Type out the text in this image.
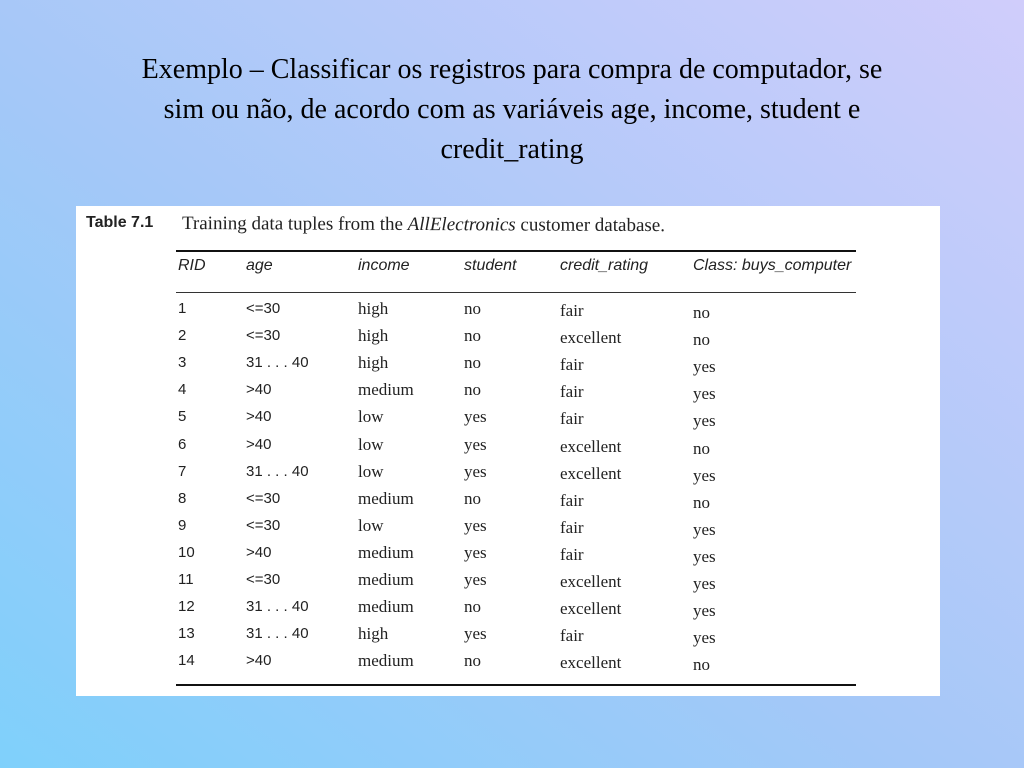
Exemplo – Classificar os registros para compra de computador, se
sim ou não, de acordo com as variáveis age, income, student e
credit_rating
Table 7.1 Training data tuples from the AllElectronics customer database.
RID	age	income	student	credit_rating	Class: buys_computer
1	<=30	high	no	fair	no
2	<=30	high	no	excellent	no
3	31 . . . 40	high	no	fair	yes
4	>40	medium	no	fair	yes
5	>40	low	yes	fair	yes
6	>40	low	yes	excellent	no
7	31 . . . 40	low	yes	excellent	yes
8	<=30	medium	no	fair	no
9	<=30	low	yes	fair	yes
10	>40	medium	yes	fair	yes
11	<=30	medium	yes	excellent	yes
12	31 . . . 40	medium	no	excellent	yes
13	31 . . . 40	high	yes	fair	yes
14	>40	medium	no	excellent	no
